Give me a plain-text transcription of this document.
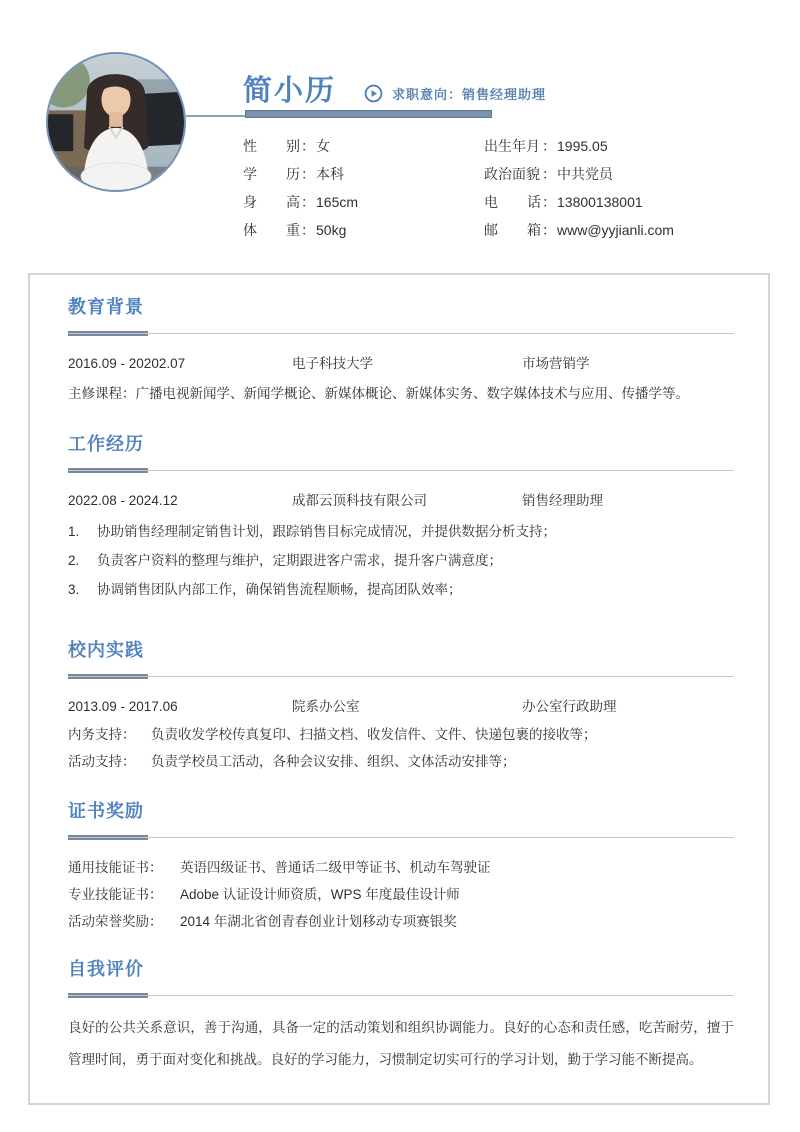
简小历	求职意向：销售经理助理
性别：女	出生年月 ：1995.05
学历：本科	政治面貌 ：中共党员
身高：165cm	电话：13800138001
体重：50kg	邮箱：www@yyjianli.com
教育背景
2016.09 - 20202.07	电子科技大学	市场营销学

主修课程：广播电视新闻学、新闻学概论、新媒体概论、新媒体实务、数字媒体技术与应用、传播学等。

工作经历
2022.08 - 2024.12	成都云顶科技有限公司	销售经理助理
1.	协助销售经理制定销售计划，跟踪销售目标完成情况，并提供数据分析支持；
2.	负责客户资料的整理与维护，定期跟进客户需求，提升客户满意度；
3.	协调销售团队内部工作，确保销售流程顺畅，提高团队效率；
校内实践
2013.09 - 2017.06	院系办公室	办公室行政助理
内务支持：	负责收发学校传真复印、扫描文档、收发信件、文件、快递包裹的接收等；
活动支持：	负责学校员工活动，各种会议安排、组织、文体活动安排等；
证书奖励
通用技能证书：	英语四级证书、普通话二级甲等证书、机动车驾驶证
专业技能证书：	Adobe 认证设计师资质，WPS 年度最佳设计师
活动荣誉奖励：	2014 年湖北省创青春创业计划移动专项赛银奖
自我评价

良好的公共关系意识，善于沟通，具备一定的活动策划和组织协调能力。良好的心态和责任感，吃苦耐劳，擅于管理时间，勇于面对变化和挑战。良好的学习能力，习惯制定切实可行的学习计划，勤于学习能不断提高。
